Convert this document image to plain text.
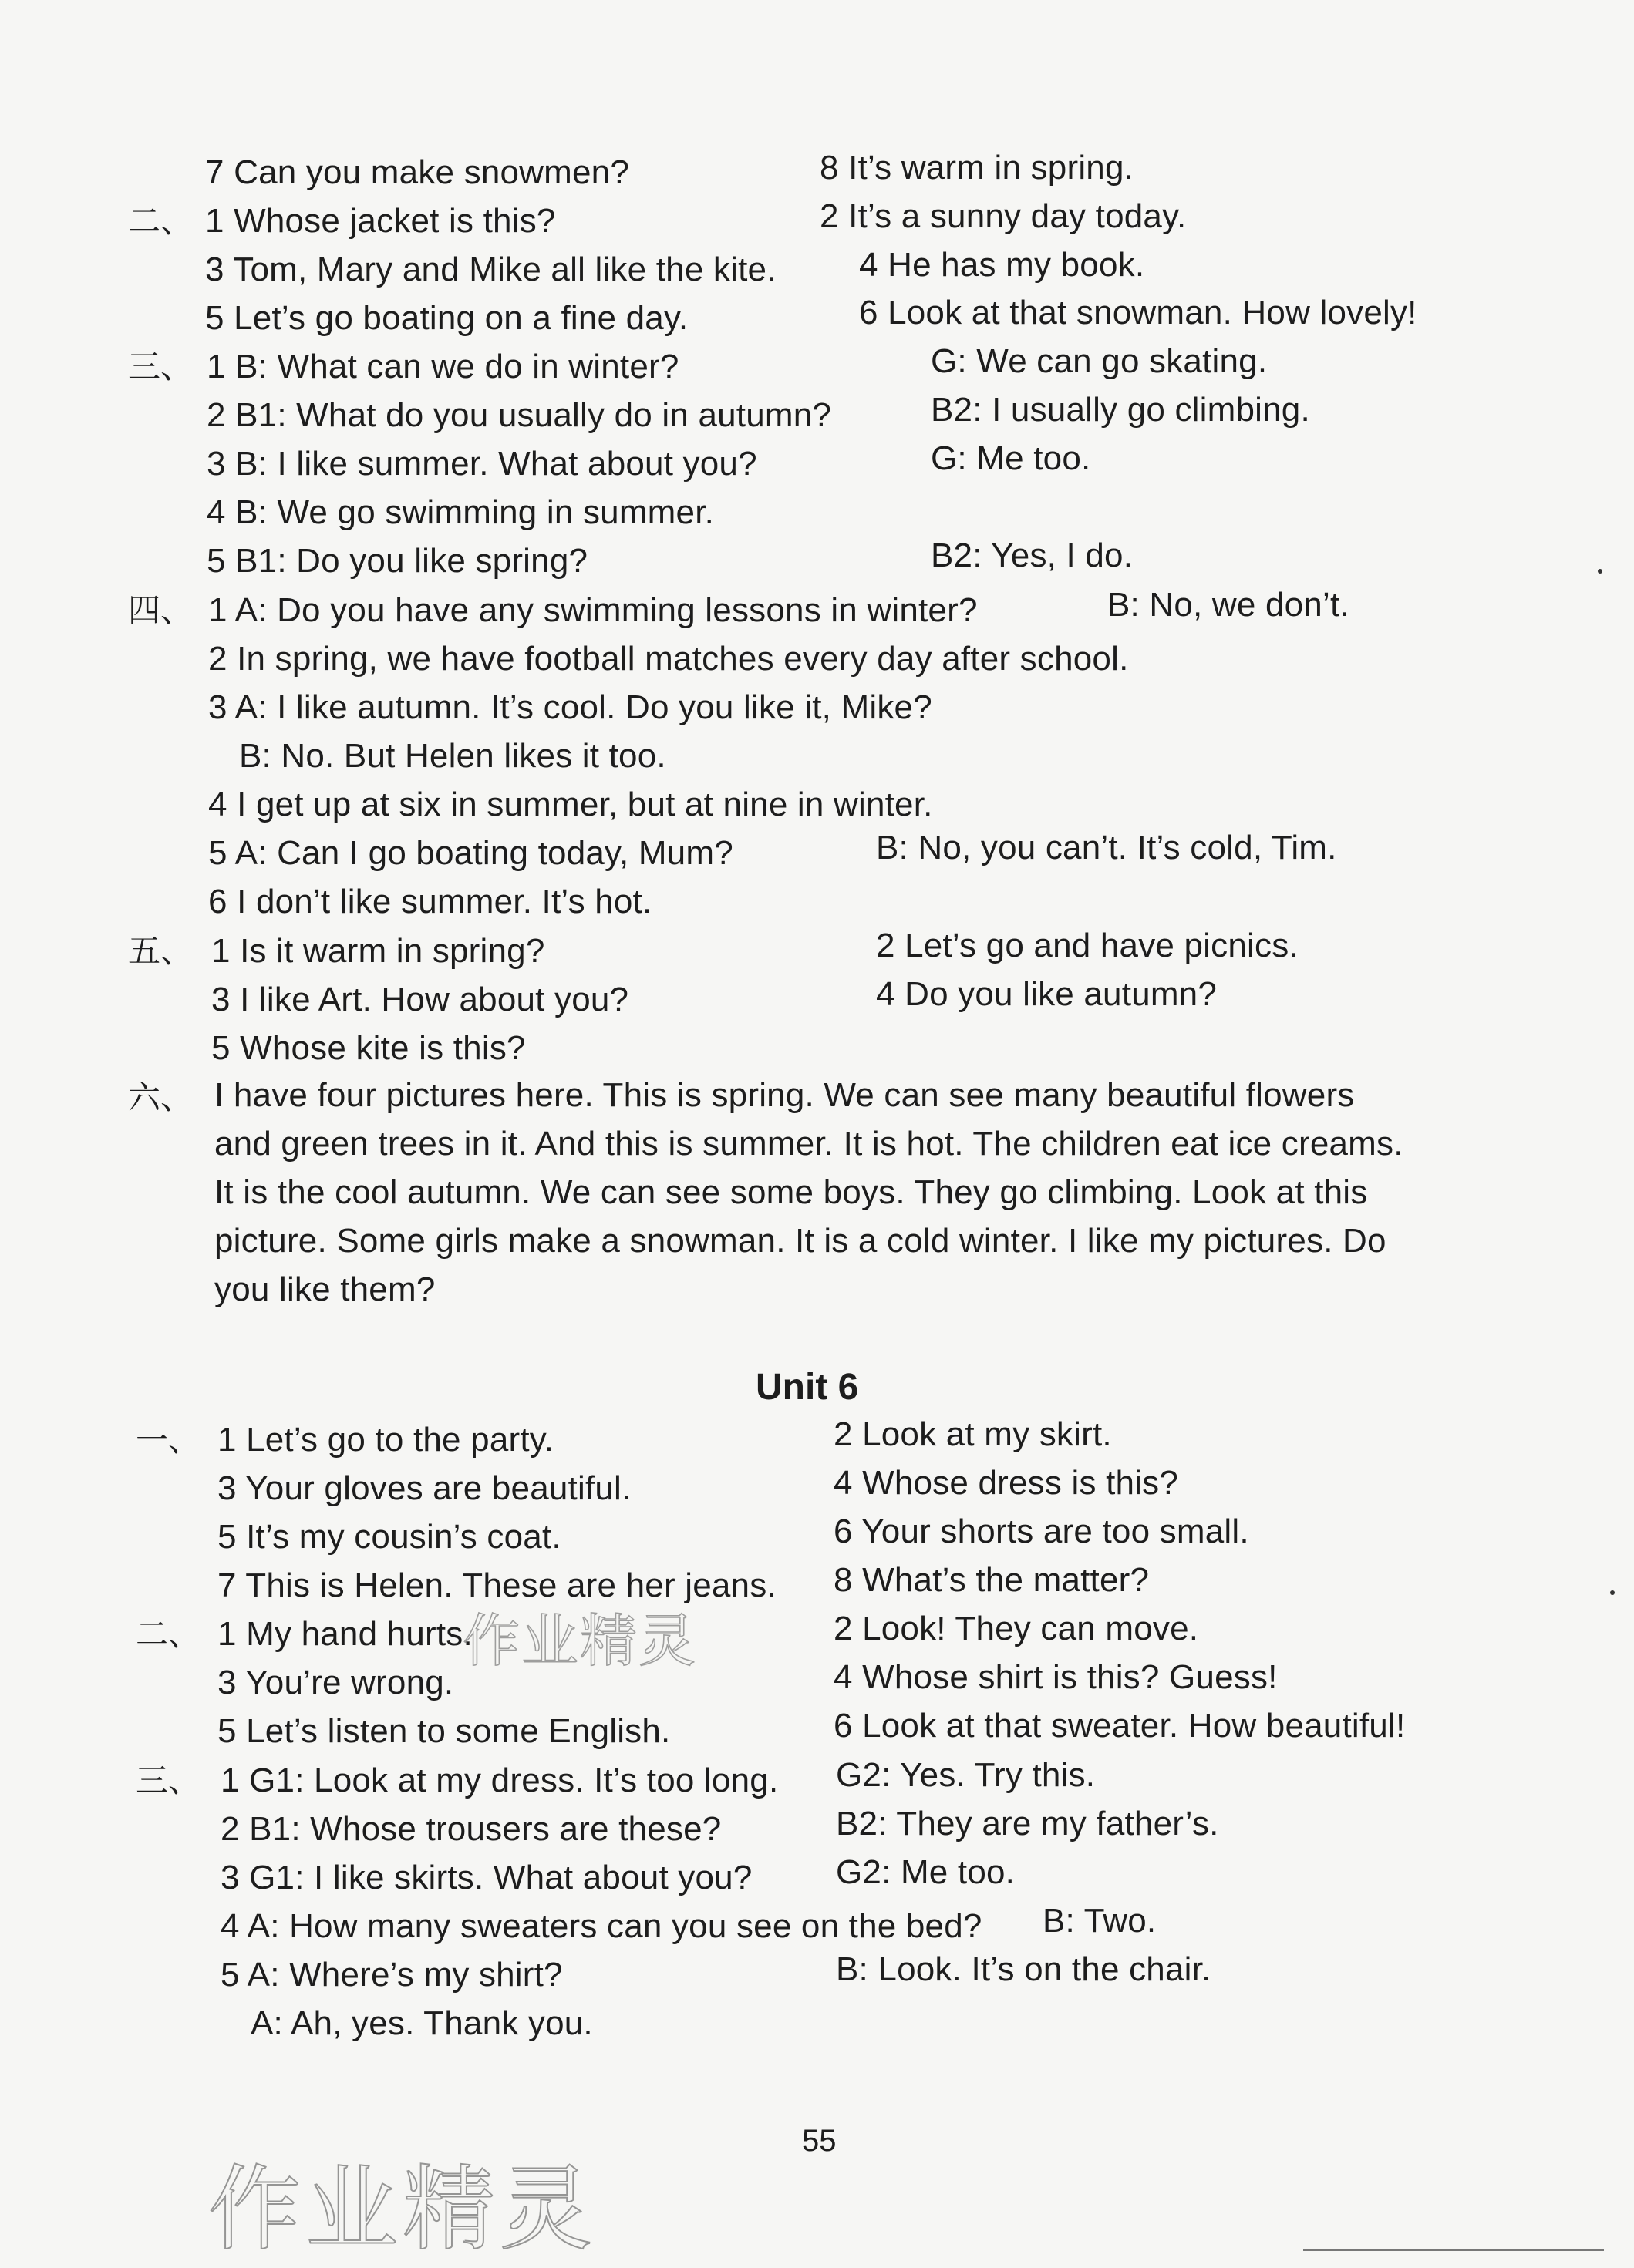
7 Can you make snowmen?	8 It’s warm in spring.
二、 1 Whose jacket is this?	2 It’s a sunny day today.
3 Tom, Mary and Mike all like the kite. 4 He has my book.
5 Let’s go boating on a fine day.	6 Look at that snowman. How lovely!
三、 1 B: What can we do in winter?	G: We can go skating.
2 B1: What do you usually do in autumn?	B2: I usually go climbing.
3 B: I like summer. What about you?	G: Me too.
4 B: We go swimming in summer.
5 B1: Do you like spring?	B2: Yes, I do.
四、 1 A: Do you have any swimming lessons in winter?	B: No, we don’t.
2 In spring, we have football matches every day after school.
3 A: I like autumn. It’s cool. Do you like it, Mike?
B: No. But Helen likes it too.
4 I get up at six in summer, but at nine in winter.
5 A: Can I go boating today, Mum?	B: No, you can’t. It’s cold, Tim.
6 I don’t like summer. It’s hot.
五、 1 Is it warm in spring?	2 Let’s go and have picnics.
3 I like Art. How about you?	4 Do you like autumn?
5 Whose kite is this?
六、 I have four pictures here. This is spring. We can see many beautiful flowers
and green trees in it. And this is summer. It is hot. The children eat ice creams.
It is the cool autumn. We can see some boys. They go climbing. Look at this
picture. Some girls make a snowman. It is a cold winter. I like my pictures. Do
you like them?
Unit 6
一、 1 Let’s go to the party.	2 Look at my skirt.
3 Your gloves are beautiful.	4 Whose dress is this?
5 It’s my cousin’s coat.	6 Your shorts are too small.
7 This is Helen. These are her jeans. 8 What’s the matter?
二、 1 My hand hurts.	2 Look! They can move.
3 You’re wrong.	4 Whose shirt is this? Guess!
5 Let’s listen to some English.	6 Look at that sweater. How beautiful!
三、 1 G1: Look at my dress. It’s too long. G2: Yes. Try this.
2 B1: Whose trousers are these?	B2: They are my father’s.
3 G1: I like skirts. What about you? G2: Me too.
4 A: How many sweaters can you see on the bed? B: Two.
5 A: Where’s my shirt?	B: Look. It’s on the chair.
A: Ah, yes. Thank you.
55
作业精灵
作业精灵
